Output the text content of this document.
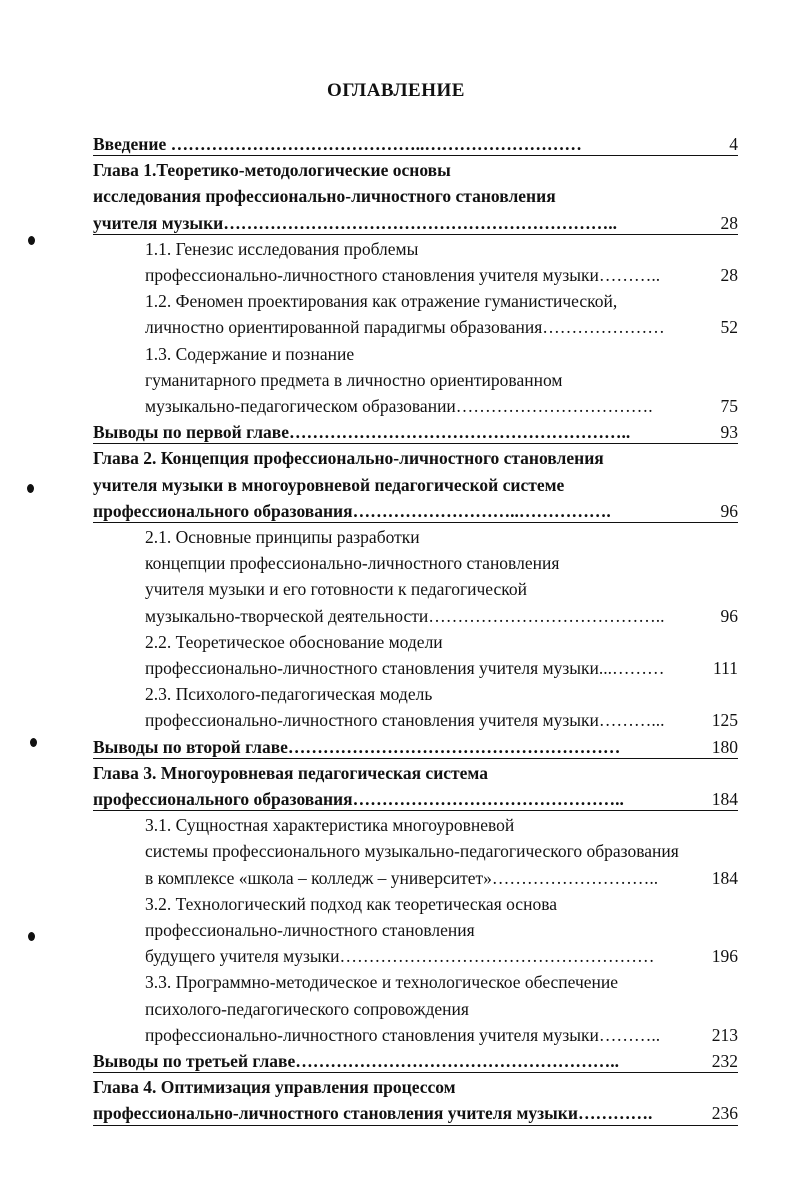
ОГЛАВЛЕНИЕ
Введение ……………………………………..………………………	4
Глава 1.Теоретико-методологические основы
исследования профессионально-личностного становления
учителя музыки…………………………………………………………..	28
1.1. Генезис исследования проблемы
профессионально-личностного становления учителя музыки………..	28
1.2. Феномен проектирования как отражение гуманистической,
личностно ориентированной парадигмы образования…………………	52
1.3. Содержание и познание
гуманитарного предмета в личностно ориентированном
музыкально-педагогическом образовании…………………………….	75
Выводы по первой главе…………………………………………………..	93
Глава 2. Концепция профессионально-личностного становления
учителя музыки в многоуровневой педагогической системе
профессионального образования………………………..…………….	96
2.1. Основные принципы разработки
концепции профессионально-личностного становления
учителя музыки и его готовности к педагогической
музыкально-творческой деятельности…………………………………..	96
2.2. Теоретическое обоснование модели
профессионально-личностного становления учителя музыки...………	111
2.3. Психолого-педагогическая модель
профессионально-личностного становления учителя музыки………...	125
Выводы по второй главе…………………………………………………	180
Глава 3. Многоуровневая педагогическая система
профессионального образования………………………………………..	184
3.1. Сущностная характеристика многоуровневой
системы профессионального музыкально-педагогического образования
в комплексе «школа – колледж – университет»………………………..	184
3.2. Технологический подход как теоретическая основа
профессионально-личностного становления
будущего учителя музыки………………………………………………	196
3.3. Программно-методическое и технологическое обеспечение
психолого-педагогического сопровождения
профессионально-личностного становления учителя музыки………..	213
Выводы по третьей главе………………………………………………..	232
Глава 4. Оптимизация управления процессом
профессионально-личностного становления учителя музыки………….	236
